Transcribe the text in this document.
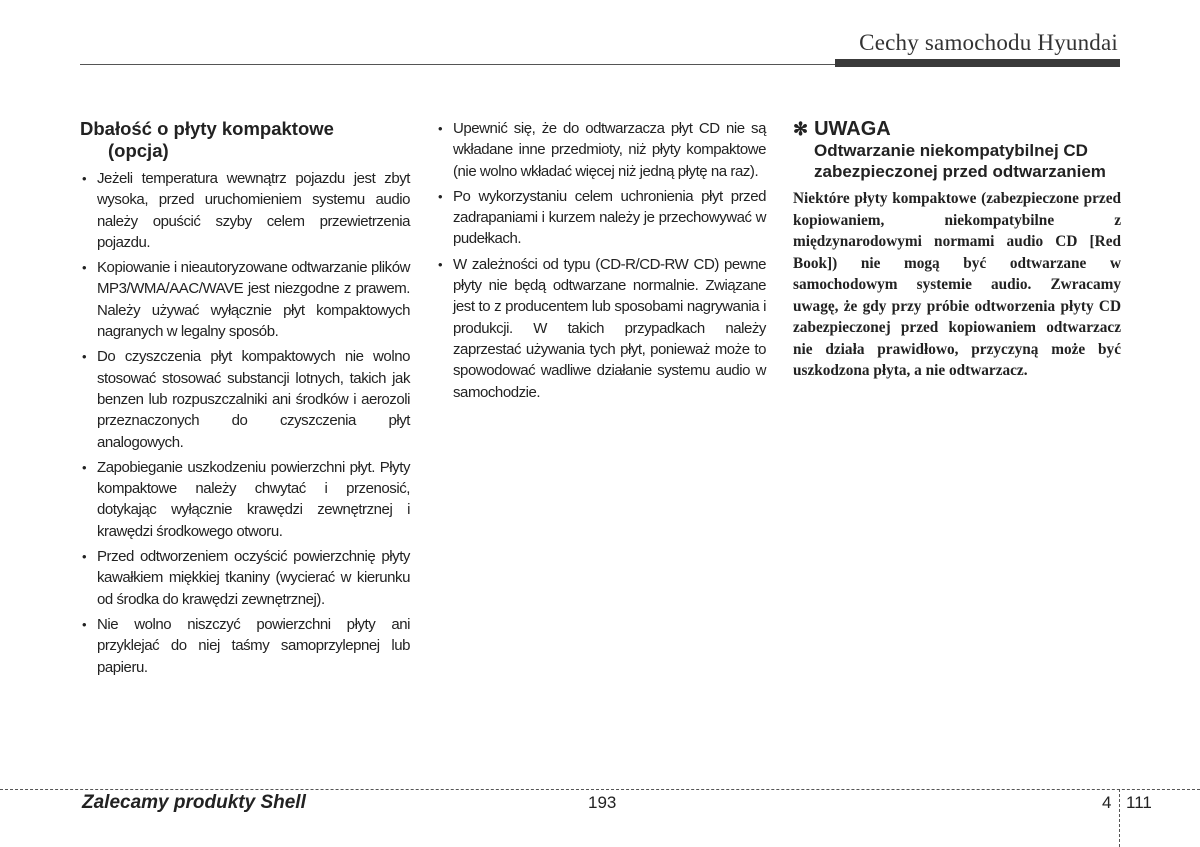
Cechy samochodu Hyundai
Dbałość o płyty kompaktowe
(opcja)
• Jeżeli temperatura wewnątrz pojazdu jest zbyt wysoka, przed uruchomieniem systemu audio należy opuścić szyby celem przewietrzenia pojazdu.
• Kopiowanie i nieautoryzowane odtwarzanie plików MP3/WMA/AAC/WAVE jest niezgodne z prawem. Należy używać wyłącznie płyt kompaktowych nagranych w legalny sposób.
• Do czyszczenia płyt kompaktowych nie wolno stosować stosować substancji lotnych, takich jak benzen lub rozpuszczalniki ani środków i aerozoli przeznaczonych do czyszczenia płyt analogowych.
• Zapobieganie uszkodzeniu powierzchni płyt. Płyty kompaktowe należy chwytać i przenosić, dotykając wyłącznie krawędzi zewnętrznej i krawędzi środkowego otworu.
• Przed odtworzeniem oczyścić powierzchnię płyty kawałkiem miękkiej tkaniny (wycierać w kierunku od środka do krawędzi zewnętrznej).
• Nie wolno niszczyć powierzchni płyty ani przyklejać do niej taśmy samoprzylepnej lub papieru.
• Upewnić się, że do odtwarzacza płyt CD nie są wkładane inne przedmioty, niż płyty kompaktowe (nie wolno wkładać więcej niż jedną płytę na raz).
• Po wykorzystaniu celem uchronienia płyt przed zadrapaniami i kurzem należy je przechowywać w pudełkach.
• W zależności od typu (CD-R/CD-RW CD) pewne płyty nie będą odtwarzane normalnie. Związane jest to z producentem lub sposobami nagrywania i produkcji. W takich przypadkach należy zaprzestać używania tych płyt, ponieważ może to spowodować wadliwe działanie systemu audio w samochodzie.

✻ UWAGA

Odtwarzanie niekompatybilnej CD zabezpieczonej przed odtwarzaniem

Niektóre płyty kompaktowe (zabezpieczone przed kopiowaniem, niekompatybilne z międzynarodowymi normami audio CD [Red Book]) nie mogą być odtwarzane w samochodowym systemie audio. Zwracamy uwagę, że gdy przy próbie odtworzenia płyty CD zabezpieczonej przed kopiowaniem odtwarzacz nie działa prawidłowo, przyczyną może być uszkodzona płyta, a nie odtwarzacz.

Zalecamy produkty Shell	193	4 111
